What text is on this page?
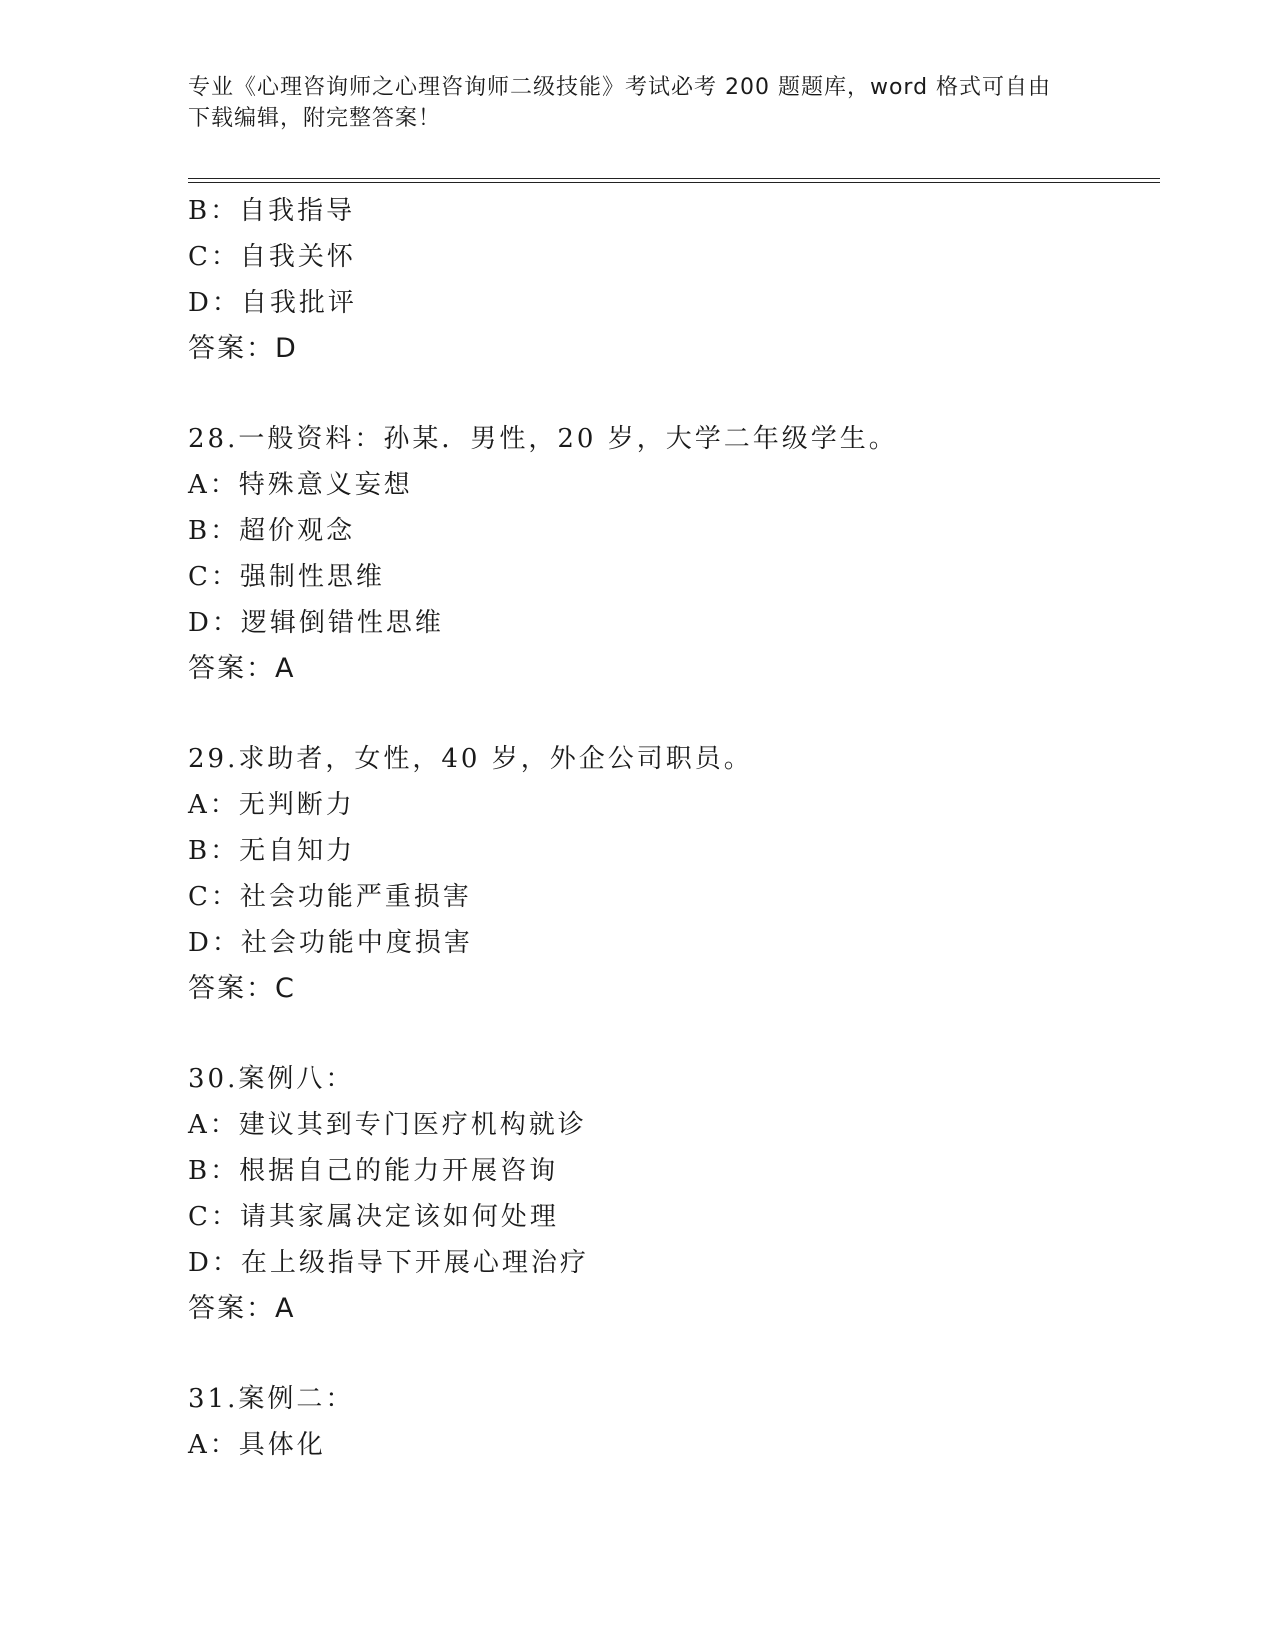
专业《心理咨询师之心理咨询师二级技能》考试必考 200 题题库，word 格式可自由下载编辑，附完整答案！
B：自我指导
C：自我关怀
D：自我批评
答案：D
28.一般资料：孙某．男性，20 岁，大学二年级学生。
A：特殊意义妄想
B：超价观念
C：强制性思维
D：逻辑倒错性思维
答案：A
29.求助者，女性，40 岁，外企公司职员。
A：无判断力
B：无自知力
C：社会功能严重损害
D：社会功能中度损害
答案：C
30.案例八：
A：建议其到专门医疗机构就诊
B：根据自己的能力开展咨询
C：请其家属决定该如何处理
D：在上级指导下开展心理治疗
答案：A
31.案例二：
A：具体化
